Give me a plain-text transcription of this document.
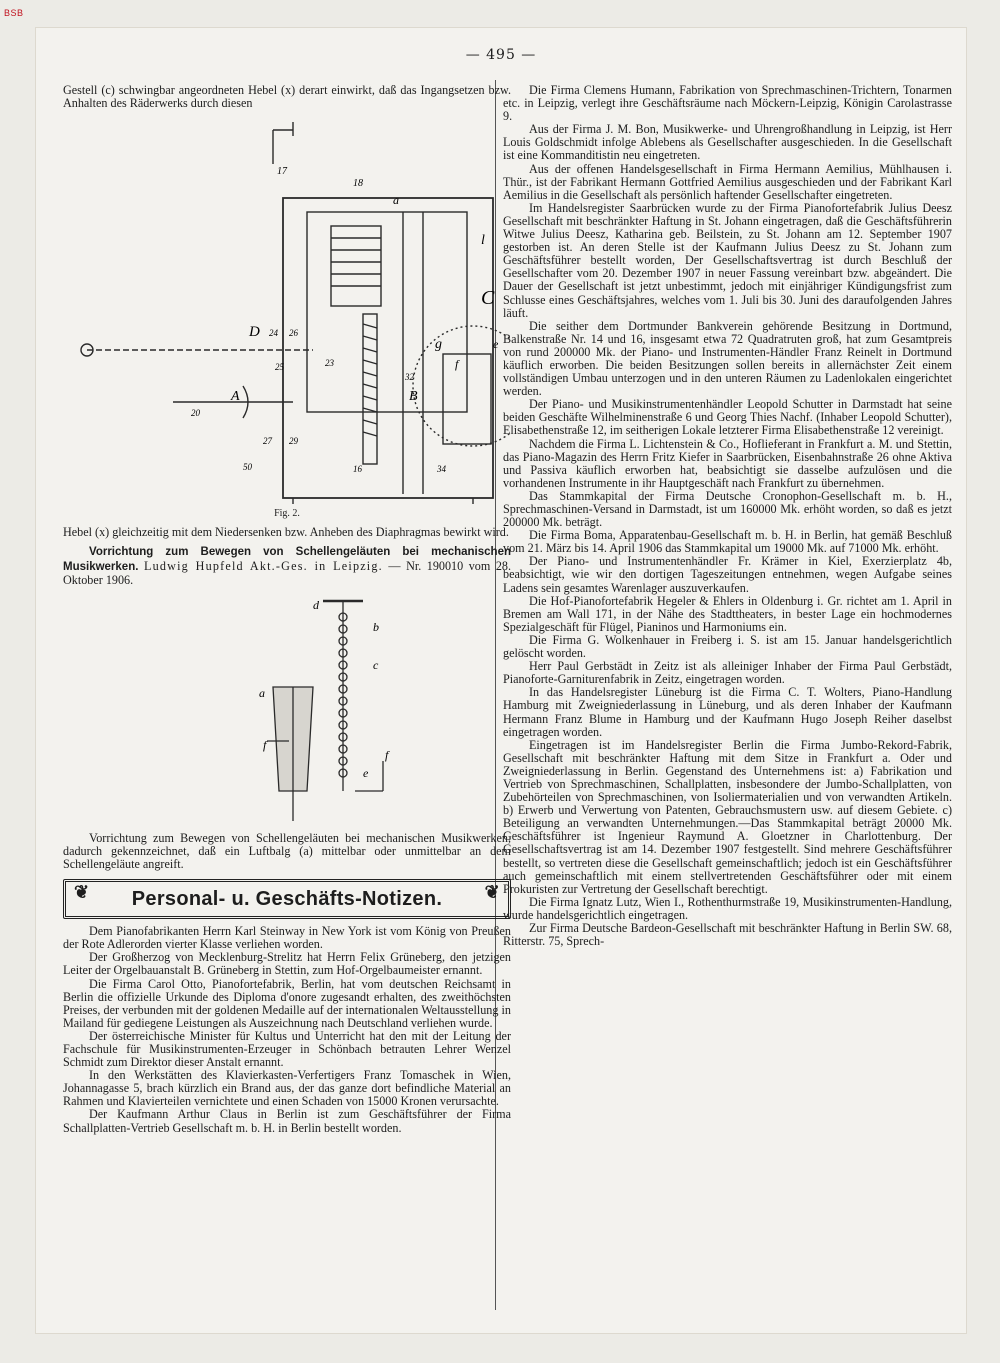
BSB
— 495 —

Gestell (c) schwingbar angeordneten Hebel (x) derart einwirkt, daß das Ingangsetzen bzw. Anhalten des Räderwerks durch diesen

17
18
a
l
C
D 24 26
23
25
g	e
f
A	B
20
27 29
50	16	34
32
Fig. 2.

Hebel (x) gleichzeitig mit dem Niedersenken bzw. Anheben des Diaphragmas bewirkt wird.

Vorrichtung zum Bewegen von Schellengeläuten bei mechanischen Musikwerken. Ludwig Hupfeld Akt.-Ges. in Leipzig. — Nr. 190010 vom 28. Oktober 1906.

a
b
c
d
e
f
f

Vorrichtung zum Bewegen von Schellengeläuten bei mechanischen Musikwerken, dadurch gekennzeichnet, daß ein Luftbalg (a) mittelbar oder unmittelbar an dem Schellengeläute angreift.

❦ Personal- u. Geschäfts-Notizen. ❦

Dem Pianofabrikanten Herrn Karl Steinway in New York ist vom König von Preußen der Rote Adlerorden vierter Klasse verliehen worden.

Der Großherzog von Mecklenburg-Strelitz hat Herrn Felix Grüneberg, den jetzigen Leiter der Orgelbauanstalt B. Grüneberg in Stettin, zum Hof-Orgelbaumeister ernannt.

Die Firma Carol Otto, Pianofortefabrik, Berlin, hat vom deutschen Reichsamt in Berlin die offizielle Urkunde des Diploma d'onore zugesandt erhalten, des zweithöchsten Preises, der verbunden mit der goldenen Medaille auf der internationalen Weltausstellung in Mailand für gediegene Leistungen als Auszeichnung nach Deutschland verliehen wurde.

Der österreichische Minister für Kultus und Unterricht hat den mit der Leitung der Fachschule für Musikinstrumenten-Erzeuger in Schönbach betrauten Lehrer Wenzel Schmidt zum Direktor dieser Anstalt ernannt.

In den Werkstätten des Klavierkasten-Verfertigers Franz Tomaschek in Wien, Johannagasse 5, brach kürzlich ein Brand aus, der das ganze dort befindliche Material an Rahmen und Klavierteilen vernichtete und einen Schaden von 15000 Kronen verursachte.

Der Kaufmann Arthur Claus in Berlin ist zum Geschäftsführer der Firma Schallplatten-Vertrieb Gesellschaft m. b. H. in Berlin bestellt worden.

Die Firma Clemens Humann, Fabrikation von Sprechmaschinen-Trichtern, Tonarmen etc. in Leipzig, verlegt ihre Geschäftsräume nach Möckern-Leipzig, Königin Carolastrasse 9.

Aus der Firma J. M. Bon, Musikwerke- und Uhrengroßhandlung in Leipzig, ist Herr Louis Goldschmidt infolge Ablebens als Gesellschafter ausgeschieden. In die Gesellschaft ist eine Kommanditistin neu eingetreten.

Aus der offenen Handelsgesellschaft in Firma Hermann Aemilius, Mühlhausen i. Thür., ist der Fabrikant Hermann Gottfried Aemilius ausgeschieden und der Fabrikant Karl Aemilius in die Gesellschaft als persönlich haftender Gesellschafter eingetreten.

Im Handelsregister Saarbrücken wurde zu der Firma Pianofortefabrik Julius Deesz Gesellschaft mit beschränkter Haftung in St. Johann eingetragen, daß die Geschäftsführerin Witwe Julius Deesz, Katharina geb. Beilstein, zu St. Johann am 12. September 1907 gestorben ist. An deren Stelle ist der Kaufmann Julius Deesz zu St. Johann zum Geschäftsführer bestellt worden, Der Gesellschaftsvertrag ist durch Beschluß der Gesellschafter vom 20. Dezember 1907 in neuer Fassung vereinbart bzw. abgeändert. Die Dauer der Gesellschaft ist jetzt unbestimmt, jedoch mit einjähriger Kündigungsfrist zum Schlusse eines Geschäftsjahres, welches vom 1. Juli bis 30. Juni des daraufolgenden Jahres läuft.

Die seither dem Dortmunder Bankverein gehörende Besitzung in Dortmund, Balkenstraße Nr. 14 und 16, insgesamt etwa 72 Quadratruten groß, hat zum Gesamtpreis von rund 200000 Mk. der Piano- und Instrumenten-Händler Franz Reinelt in Dortmund käuflich erworben. Die beiden Besitzungen sollen bereits in allernächster Zeit einem vollständigen Umbau unterzogen und in den unteren Räumen zu Ladenlokalen eingerichtet werden.

Der Piano- und Musikinstrumentenhändler Leopold Schutter in Darmstadt hat seine beiden Geschäfte Wilhelminenstraße 6 und Georg Thies Nachf. (Inhaber Leopold Schutter), Elisabethenstraße 12, im seitherigen Lokale letzterer Firma Elisabethenstraße 12 vereinigt.

Nachdem die Firma L. Lichtenstein & Co., Hoflieferant in Frankfurt a. M. und Stettin, das Piano-Magazin des Herrn Fritz Kiefer in Saarbrücken, Eisenbahnstraße 26 ohne Aktiva und Passiva käuflich erworben hat, beabsichtigt sie dasselbe aufzulösen und die vorhandenen Instrumente in ihr Hauptgeschäft nach Frankfurt zu übernehmen.

Das Stammkapital der Firma Deutsche Cronophon-Gesellschaft m. b. H., Sprechmaschinen-Versand in Darmstadt, ist um 160000 Mk. erhöht worden, so daß es jetzt 200000 Mk. beträgt.

Die Firma Boma, Apparatenbau-Gesellschaft m. b. H. in Berlin, hat gemäß Beschluß vom 21. März bis 14. April 1906 das Stammkapital um 19000 Mk. auf 71000 Mk. erhöht.

Der Piano- und Instrumentenhändler Fr. Krämer in Kiel, Exerzierplatz 4b, beabsichtigt, wie wir den dortigen Tageszeitungen entnehmen, wegen Aufgabe seines Ladens sein gesamtes Warenlager auszuverkaufen.

Die Hof-Pianofortefabrik Hegeler & Ehlers in Oldenburg i. Gr. richtet am 1. April in Bremen am Wall 171, in der Nähe des Stadttheaters, in bester Lage ein hochmodernes Spezialgeschäft für Flügel, Pianinos und Harmoniums ein.

Die Firma G. Wolkenhauer in Freiberg i. S. ist am 15. Januar handelsgerichtlich gelöscht worden.

Herr Paul Gerbstädt in Zeitz ist als alleiniger Inhaber der Firma Paul Gerbstädt, Pianoforte-Garniturenfabrik in Zeitz, eingetragen worden.

In das Handelsregister Lüneburg ist die Firma C. T. Wolters, Piano-Handlung Hamburg mit Zweigniederlassung in Lüneburg, und als deren Inhaber der Kaufmann Hermann Franz Blume in Hamburg und der Kaufmann Hugo Joseph Reiher daselbst eingetragen worden.

Eingetragen ist im Handelsregister Berlin die Firma Jumbo-Rekord-Fabrik, Gesellschaft mit beschränkter Haftung mit dem Sitze in Frankfurt a. Oder und Zweigniederlassung in Berlin. Gegenstand des Unternehmens ist: a) Fabrikation und Vertrieb von Sprechmaschinen, Schallplatten, insbesondere der Jumbo-Schallplatten, von Zubehörteilen von Sprechmaschinen, von Isoliermaterialien und von verwandten Artikeln. b) Erwerb und Verwertung von Patenten, Gebrauchsmustern usw. auf diesem Gebiete. c) Beteiligung an verwandten Unternehmungen.—Das Stammkapital beträgt 20000 Mk. Geschäftsführer ist Ingenieur Raymund A. Gloetzner in Charlottenburg. Der Gesellschaftsvertrag ist am 14. Dezember 1907 festgestellt. Sind mehrere Geschäftsführer bestellt, so vertreten diese die Gesellschaft gemeinschaftlich; jedoch ist ein Geschäftsführer auch gemeinschaftlich mit einem stellvertretenden Geschäftsführer oder mit einem Prokuristen zur Vertretung der Gesellschaft berechtigt.

Die Firma Ignatz Lutz, Wien I., Rothenthurmstraße 19, Musikinstrumenten-Handlung, wurde handelsgerichtlich eingetragen.

Zur Firma Deutsche Bardeon-Gesellschaft mit beschränkter Haftung in Berlin SW. 68, Ritterstr. 75, Sprech-
